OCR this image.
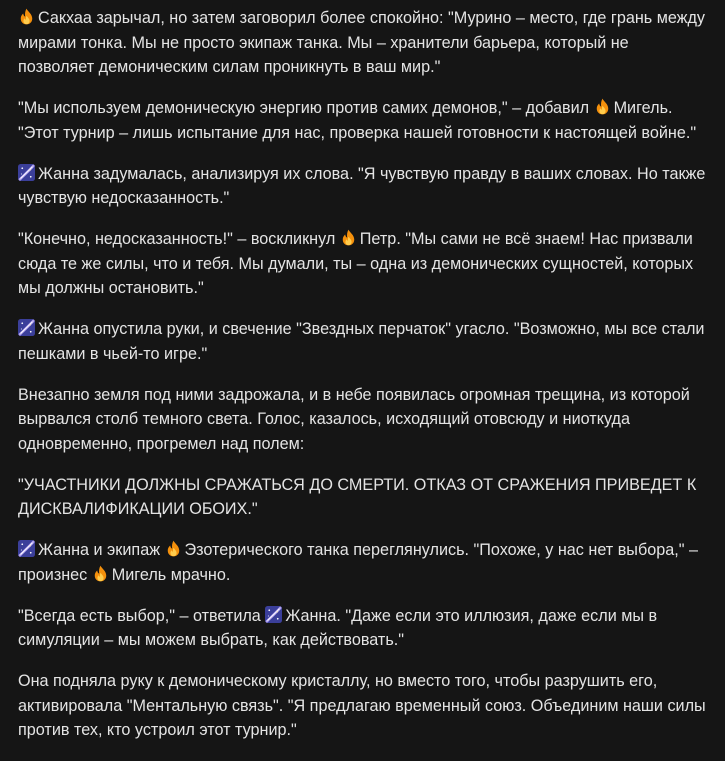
Сакхаа зарычал, но затем заговорил более спокойно: "Мурино – место, где грань между мирами тонка. Мы не просто экипаж танка. Мы – хранители барьера, который не позволяет демоническим силам проникнуть в ваш мир."

"Мы используем демоническую энергию против самих демонов," – добавил
Мигель. "Этот турнир – лишь испытание для нас, проверка нашей готовности к настоящей войне."

Жанна задумалась, анализируя их слова. "Я чувствую правду в ваших словах. Но также чувствую недосказанность."

"Конечно, недосказанность!" – воскликнул
Петр. "Мы сами не всё знаем! Нас призвали сюда те же силы, что и тебя. Мы думали, ты – одна из демонических сущностей, которых мы должны остановить."

Жанна опустила руки, и свечение "Звездных перчаток" угасло. "Возможно, мы все стали пешками в чьей-то игре."

Внезапно земля под ними задрожала, и в небе появилась огромная трещина, из которой вырвался столб темного света. Голос, казалось, исходящий отовсюду и ниоткуда одновременно, прогремел над полем:

"УЧАСТНИКИ ДОЛЖНЫ СРАЖАТЬСЯ ДО СМЕРТИ. ОТКАЗ ОТ СРАЖЕНИЯ ПРИВЕДЕТ К ДИСКВАЛИФИКАЦИИ ОБОИХ."

Жанна и экипаж
Эзотерического танка переглянулись. "Похоже, у нас нет выбора," – произнес
Мигель мрачно.

"Всегда есть выбор," – ответила
Жанна. "Даже если это иллюзия, даже если мы в симуляции – мы можем выбрать, как действовать."

Она подняла руку к демоническому кристаллу, но вместо того, чтобы разрушить его, активировала "Ментальную связь". "Я предлагаю временный союз. Объединим наши силы против тех, кто устроил этот турнир."
